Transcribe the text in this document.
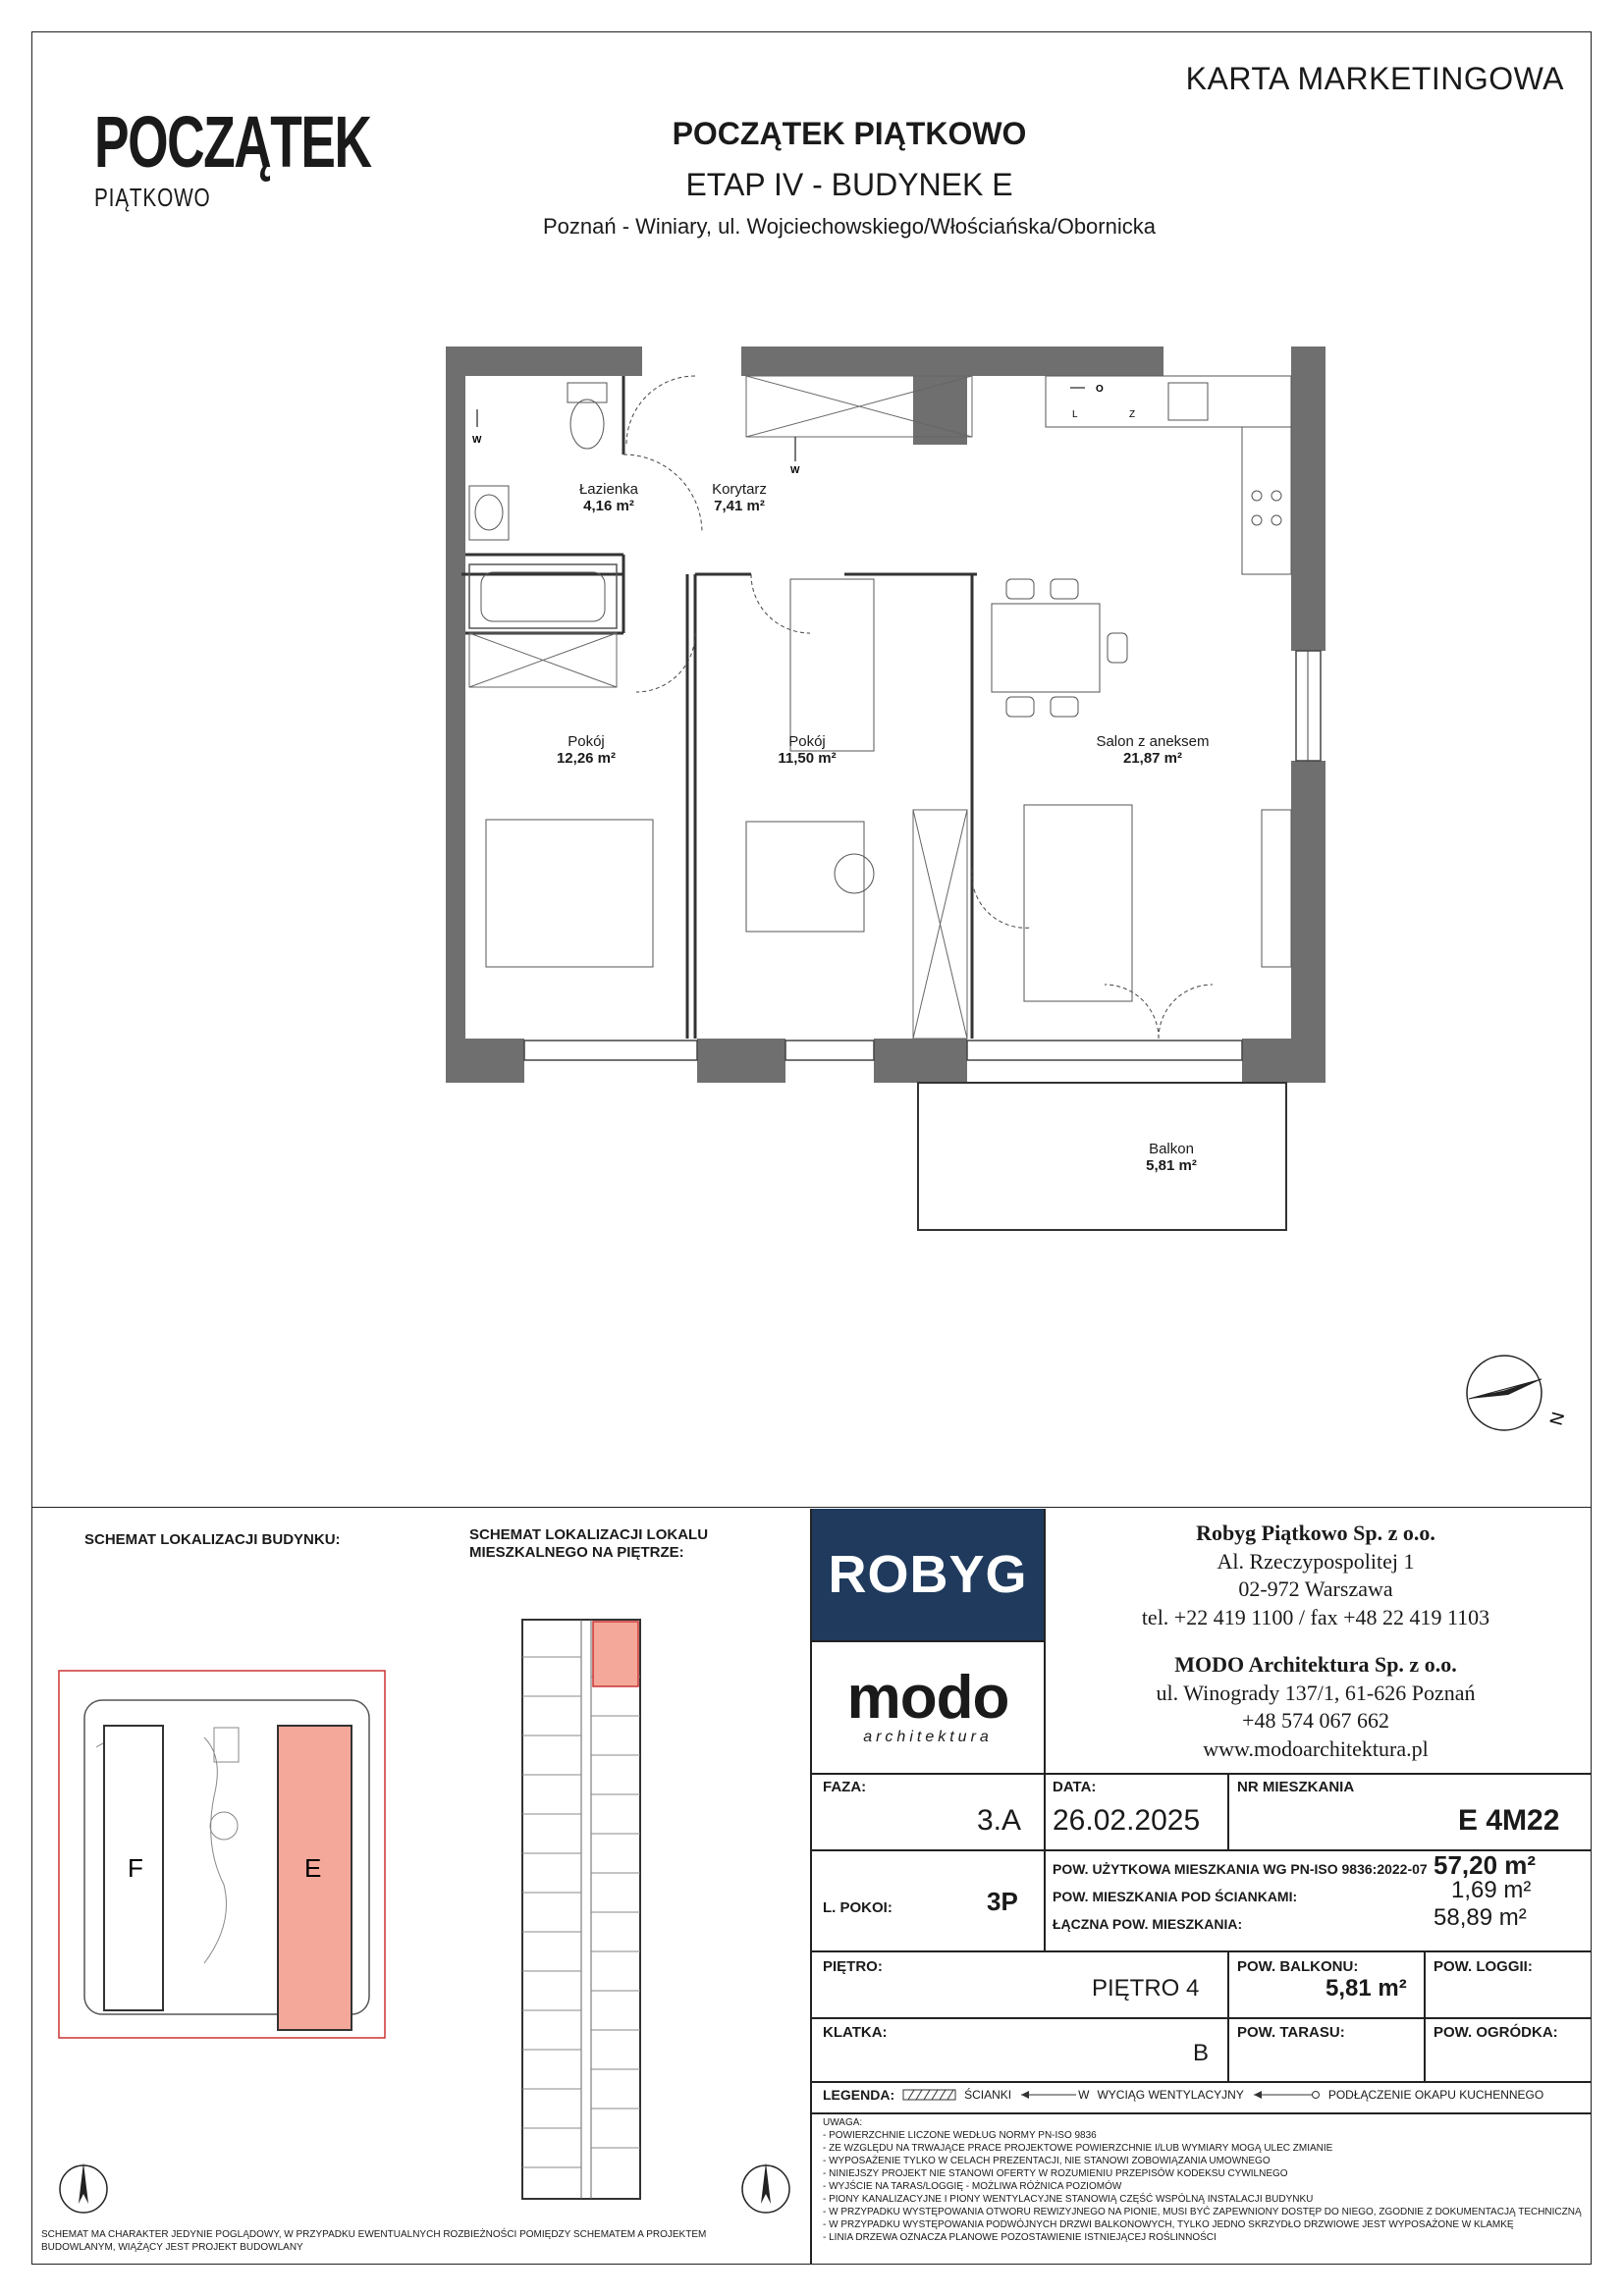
KARTA MARKETINGOWA
POCZĄTEK
PIĄTKOWO
POCZĄTEK PIĄTKOWO
ETAP IV - BUDYNEK E
Poznań - Winiary, ul. Wojciechowskiego/Włościańska/Obornicka
W
W
O
L	Z
Łazienka
4,16 m²
Korytarz
7,41 m²
Pokój
12,26 m²
Pokój
11,50 m²
Salon z aneksem
21,87 m²
Balkon
5,81 m²
N
SCHEMAT LOKALIZACJI BUDYNKU:	SCHEMAT LOKALIZACJI LOKALU MIESZKALNEGO NA PIĘTRZE:
F	E
SCHEMAT MA CHARAKTER JEDYNIE POGLĄDOWY, W PRZYPADKU EWENTUALNYCH ROZBIEŻNOŚCI POMIĘDZY SCHEMATEM A PROJEKTEM BUDOWLANYM, WIĄŻĄCY JEST PROJEKT BUDOWLANY
ROBYG
modo
architektura
Robyg Piątkowo Sp. z o.o.
Al. Rzeczypospolitej 1
02-972 Warszawa
tel. +22 419 1100 / fax +48 22 419 1103
MODO Architektura Sp. z o.o.
ul. Winogrady 137/1, 61-626 Poznań
+48 574 067 662
www.modoarchitektura.pl
FAZA:
3.A
DATA:
26.02.2025
NR MIESZKANIA
E 4M22
L. POKOI:	3P
POW. UŻYTKOWA MIESZKANIA WG PN-ISO 9836:2022-07 57,20 m²
POW. MIESZKANIA POD ŚCIANKAMI:	1,69 m²
ŁĄCZNA POW. MIESZKANIA:	58,89 m²
PIĘTRO:
PIĘTRO 4
POW. BALKONU:
5,81 m²
POW. LOGGII:
KLATKA:
B
POW. TARASU:	POW. OGRÓDKA:
LEGENDA:	ŚCIANKI	W WYCIĄG WENTYLACYJNY	PODŁĄCZENIE OKAPU KUCHENNEGO
UWAGA:
- POWIERZCHNIE LICZONE WEDŁUG NORMY PN-ISO 9836
- ZE WZGLĘDU NA TRWAJĄCE PRACE PROJEKTOWE POWIERZCHNIE I/LUB WYMIARY MOGĄ ULEC ZMIANIE
- WYPOSAŻENIE TYLKO W CELACH PREZENTACJI, NIE STANOWI ZOBOWIĄZANIA UMOWNEGO
- NINIEJSZY PROJEKT NIE STANOWI OFERTY W ROZUMIENIU PRZEPISÓW KODEKSU CYWILNEGO
- WYJŚCIE NA TARAS/LOGGIĘ - MOŻLIWA RÓŻNICA POZIOMÓW
- PIONY KANALIZACYJNE I PIONY WENTYLACYJNE STANOWIĄ CZĘŚĆ WSPÓLNĄ INSTALACJI BUDYNKU
- W PRZYPADKU WYSTĘPOWANIA OTWORU REWIZYJNEGO NA PIONIE, MUSI BYĆ ZAPEWNIONY DOSTĘP DO NIEGO, ZGODNIE Z DOKUMENTACJĄ TECHNICZNĄ
- W PRZYPADKU WYSTĘPOWANIA PODWÓJNYCH DRZWI BALKONOWYCH, TYLKO JEDNO SKRZYDŁO DRZWIOWE JEST WYPOSAŻONE W KLAMKĘ
- LINIA DRZEWA OZNACZA PLANOWE POZOSTAWIENIE ISTNIEJĄCEJ ROŚLINNOŚCI
